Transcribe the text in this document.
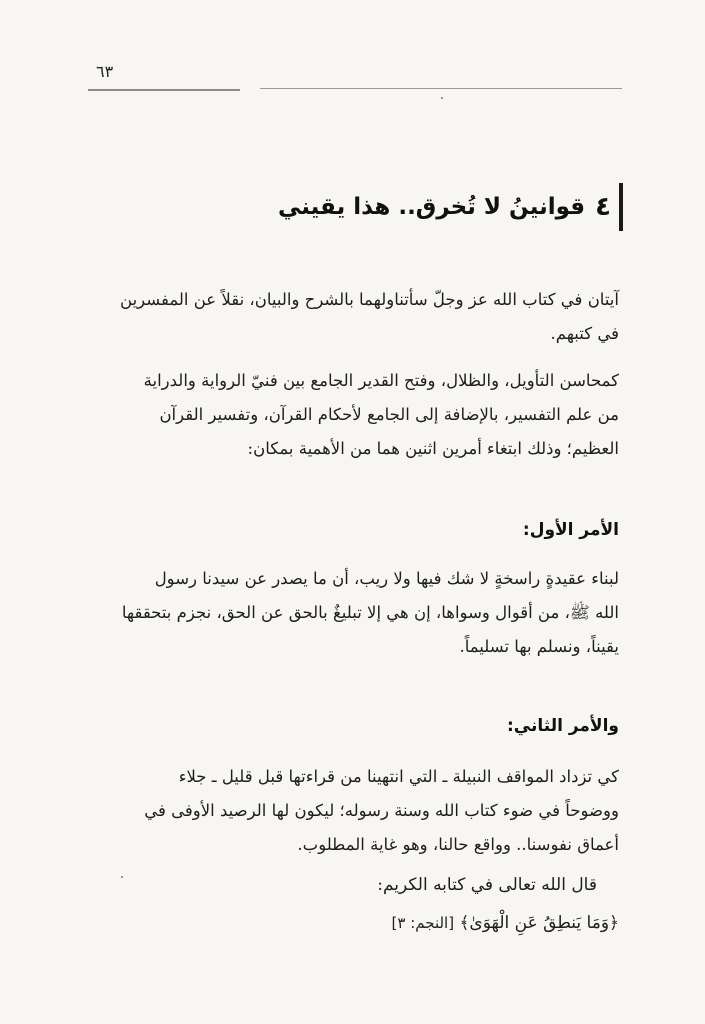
٦٣
٤
قوانينُ لا تُخرق.. هذا يقيني
آيتان في كتاب الله عز وجلّ سأتناولهما بالشرح والبيان، نقلاً عن المفسرين
في كتبهم.
كمحاسن التأويل، والظلال، وفتح القدير الجامع بين فنيّ الرواية والدراية
من علم التفسير، بالإضافة إلى الجامع لأحكام القرآن، وتفسير القرآن
العظيم؛ وذلك ابتغاء أمرين اثنين هما من الأهمية بمكان:
الأمر الأول:
لبناء عقيدةٍ راسخةٍ لا شك فيها ولا ريب، أن ما يصدر عن سيدنا رسول
الله ﷺ، من أقوال وسواها، إن هي إلا تبليغٌ بالحق عن الحق، نجزم بتحققها
يقيناً، ونسلم بها تسليماً.
والأمر الثاني:
كي تزداد المواقف النبيلة ـ التي انتهينا من قراءتها قبل قليل ـ جلاء
ووضوحاً في ضوء كتاب الله وسنة رسوله؛ ليكون لها الرصيد الأوفى في
أعماق نفوسنا.. وواقع حالنا، وهو غاية المطلوب.
قال الله تعالى في كتابه الكريم:
﴿وَمَا يَنطِقُ عَنِ الْهَوَىٰ﴾ [النجم: ٣]
